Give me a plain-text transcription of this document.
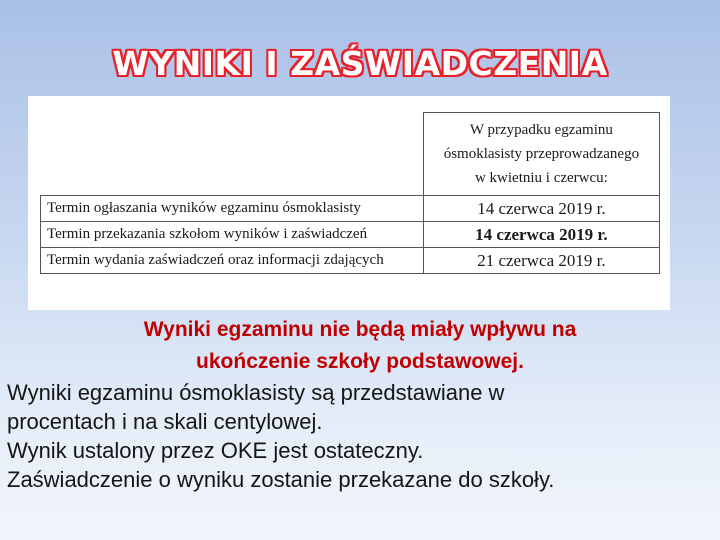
WYNIKI I ZAŚWIADCZENIA
	W przypadku egzaminu
ósmoklasisty przeprowadzanego
w kwietniu i czerwcu:
Termin ogłaszania wyników egzaminu ósmoklasisty	14 czerwca 2019 r.
Termin przekazania szkołom wyników i zaświadczeń	14 czerwca 2019 r.
Termin wydania zaświadczeń oraz informacji zdających	21 czerwca 2019 r.
Wyniki egzaminu nie będą miały wpływu na
ukończenie szkoły podstawowej.
Wyniki egzaminu ósmoklasisty są przedstawiane w
procentach i na skali centylowej.
Wynik ustalony przez OKE jest ostateczny.
Zaświadczenie o wyniku zostanie przekazane do szkoły.
